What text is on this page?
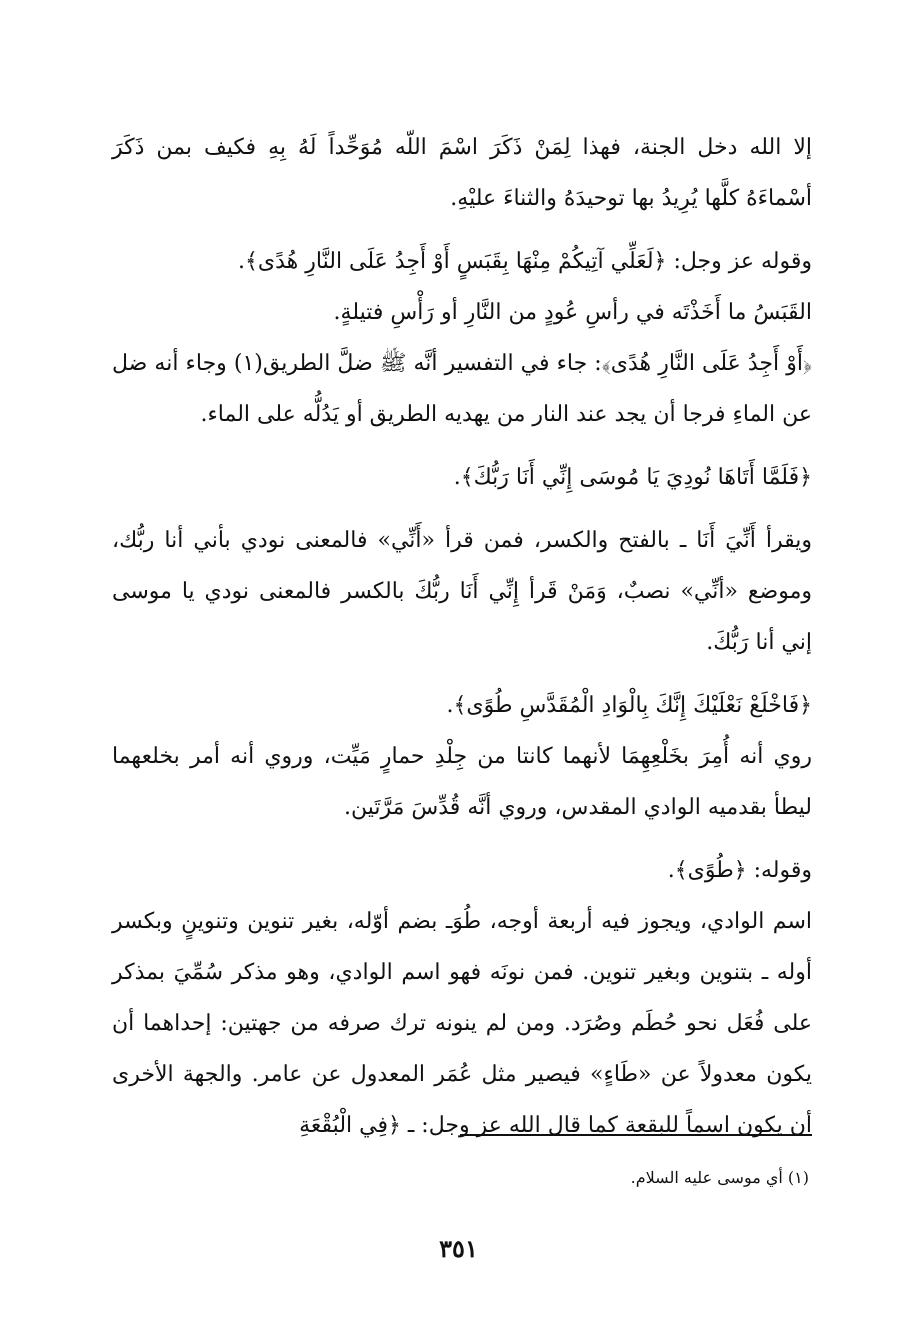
إلا الله دخل الجنة، فهذا لِمَنْ ذَكَرَ اسْمَ اللّه مُوَحِّداً لَهُ بِهِ فكيف بمن ذَكَرَ أسْماءَهُ كلَّها يُرِيدُ بها توحيدَهُ والثناءَ عليْهِ.

وقوله عز وجل: ﴿لَعَلِّي آتِيكُمْ مِنْهَا بِقَبَسٍ أَوْ أَجِدُ عَلَى النَّارِ هُدًى﴾.

القَبَسُ ما أَخَذْتَه في رأسِ عُودٍ من النَّارِ أو رَأْسِ فتيلةٍ.

﴿أَوْ أَجِدُ عَلَى النَّارِ هُدًى﴾: جاء في التفسير أنَّه ﷺ ضلَّ الطريق(١) وجاء أنه ضل عن الماءِ فرجا أن يجد عند النار من يهديه الطريق أو يَدُلُّه على الماء.

﴿فَلَمَّا أَتَاهَا نُودِيَ يَا مُوسَى إِنِّي أَنَا رَبُّكَ﴾.

ويقرأ أَنِّيَ أَنَا ـ بالفتح والكسر، فمن قرأ «أَنِّي» فالمعنى نودي بأني أنا ربُّك، وموضع «أنِّي» نصبٌ، وَمَنْ قَرأ إِنِّي أَنَا ربُّكَ بالكسر فالمعنى نودي يا موسى إني أنا رَبُّكَ.

﴿فَاخْلَعْ نَعْلَيْكَ إِنَّكَ بِالْوَادِ الْمُقَدَّسِ طُوًى﴾.

روي أنه أُمِرَ بخَلْعِهِمَا لأنهما كانتا من جِلْدِ حمارٍ مَيِّت، وروي أنه أمر بخلعهما ليطأ بقدميه الوادي المقدس، وروي أنَّه قُدِّسَ مَرَّتَين.

وقوله: ﴿طُوًى﴾.

اسم الوادي، ويجوز فيه أربعة أوجه، طُوَـ بضم أوّله، بغير تنوين وتنوينٍ وبكسر أوله ـ بتنوين وبغير تنوين. فمن نونَه فهو اسم الوادي، وهو مذكر سُمِّيَ بمذكر على فُعَل نحو حُطَم وصُرَد. ومن لم ينونه ترك صرفه من جهتين: إحداهما أن يكون معدولاً عن «طَاءٍ» فيصير مثل عُمَر المعدول عن عامر. والجهة الأخرى أن يكون اسماً للبقعة كما قال الله عز وجل: ـ ﴿فِي الْبُقْعَةِ

(١) أي موسى عليه السلام.

٣٥١
